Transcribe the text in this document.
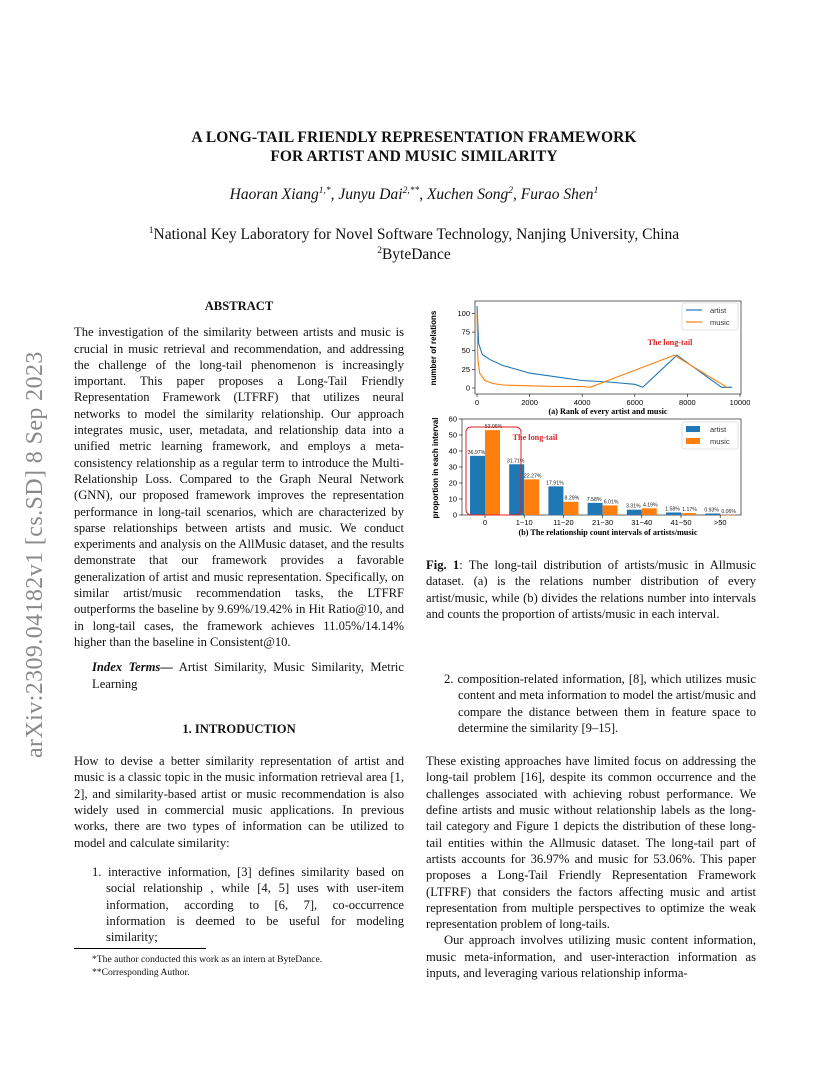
arXiv:2309.04182v1 [cs.SD] 8 Sep 2023
A LONG-TAIL FRIENDLY REPRESENTATION FRAMEWORK
FOR ARTIST AND MUSIC SIMILARITY
Haoran Xiang$^{1,*}$, Junyu Dai$^{2,**}$, Xuchen Song$^2$, Furao Shen$^1$
$^1$National Key Laboratory for Novel Software Technology, Nanjing University, China
$^2$ByteDance
ABSTRACT
The investigation of the similarity between artists and music is crucial in music retrieval and recommendation, and addressing the challenge of the long-tail phenomenon is increasingly important. This paper proposes a Long-Tail Friendly Representation Framework (LTFRF) that utilizes neural networks to model the similarity relationship. Our approach integrates music, user, metadata, and relationship data into a unified metric learning framework, and employs a meta-consistency relationship as a regular term to introduce the Multi-Relationship Loss. Compared to the Graph Neural Network (GNN), our proposed framework improves the representation performance in long-tail scenarios, which are characterized by sparse relationships between artists and music. We conduct experiments and analysis on the AllMusic dataset, and the results demonstrate that our framework provides a favorable generalization of artist and music representation. Specifically, on similar artist/music recommendation tasks, the LTFRF outperforms the baseline by 9.69%/19.42% in Hit Ratio@10, and in long-tail cases, the framework achieves 11.05%/14.14% higher than the baseline in Consistent@10.
Index Terms— Artist Similarity, Music Similarity, Metric Learning
1. INTRODUCTION
How to devise a better similarity representation of artist and music is a classic topic in the music information retrieval area [1, 2], and similarity-based artist or music recommendation is also widely used in commercial music applications. In previous works, there are two types of information can be utilized to model and calculate similarity:

1. interactive information, [3] defines similarity based on social relationship , while [4, 5] uses with user-item information, according to [6, 7], co-occurrence information is deemed to be useful for modeling similarity;

*The author conducted this work as an intern at ByteDance.
**Corresponding Author.
0
25
50
75
100
0	2000	4000	6000	8000	10000
number of relations
(a) Rank of every artist and music
The long-tail
artist
music
0
10
20
30
40
50
60
36.97%
53.06%
31.71%
22.27%
17.91%
8.29% 7.58% 6.01%
3.31% 4.19%
1.58% 1.17% 0.93% 0.06%
0	1~10	11~20 21~30 31~40 41~50	>50
proportion in each interval
(b) The relationship count intervals of artists/music
The long-tail
artist
music
Fig. 1: The long-tail distribution of artists/music in Allmusic dataset. (a) is the relations number distribution of every artist/music, while (b) divides the relations number into intervals and counts the proportion of artists/music in each interval.

2. composition-related information, [8], which utilizes music content and meta information to model the artist/music and compare the distance between them in feature space to determine the similarity [9–15].

These existing approaches have limited focus on addressing the long-tail problem [16], despite its common occurrence and the challenges associated with achieving robust performance. We define artists and music without relationship labels as the long-tail category and Figure 1 depicts the distribution of these long-tail entities within the Allmusic dataset. The long-tail part of artists accounts for 36.97% and music for 53.06%. This paper proposes a Long-Tail Friendly Representation Framework (LTFRF) that considers the factors affecting music and artist representation from multiple perspectives to optimize the weak representation problem of long-tails.
Our approach involves utilizing music content information, music meta-information, and user-interaction information as inputs, and leveraging various relationship informa-
